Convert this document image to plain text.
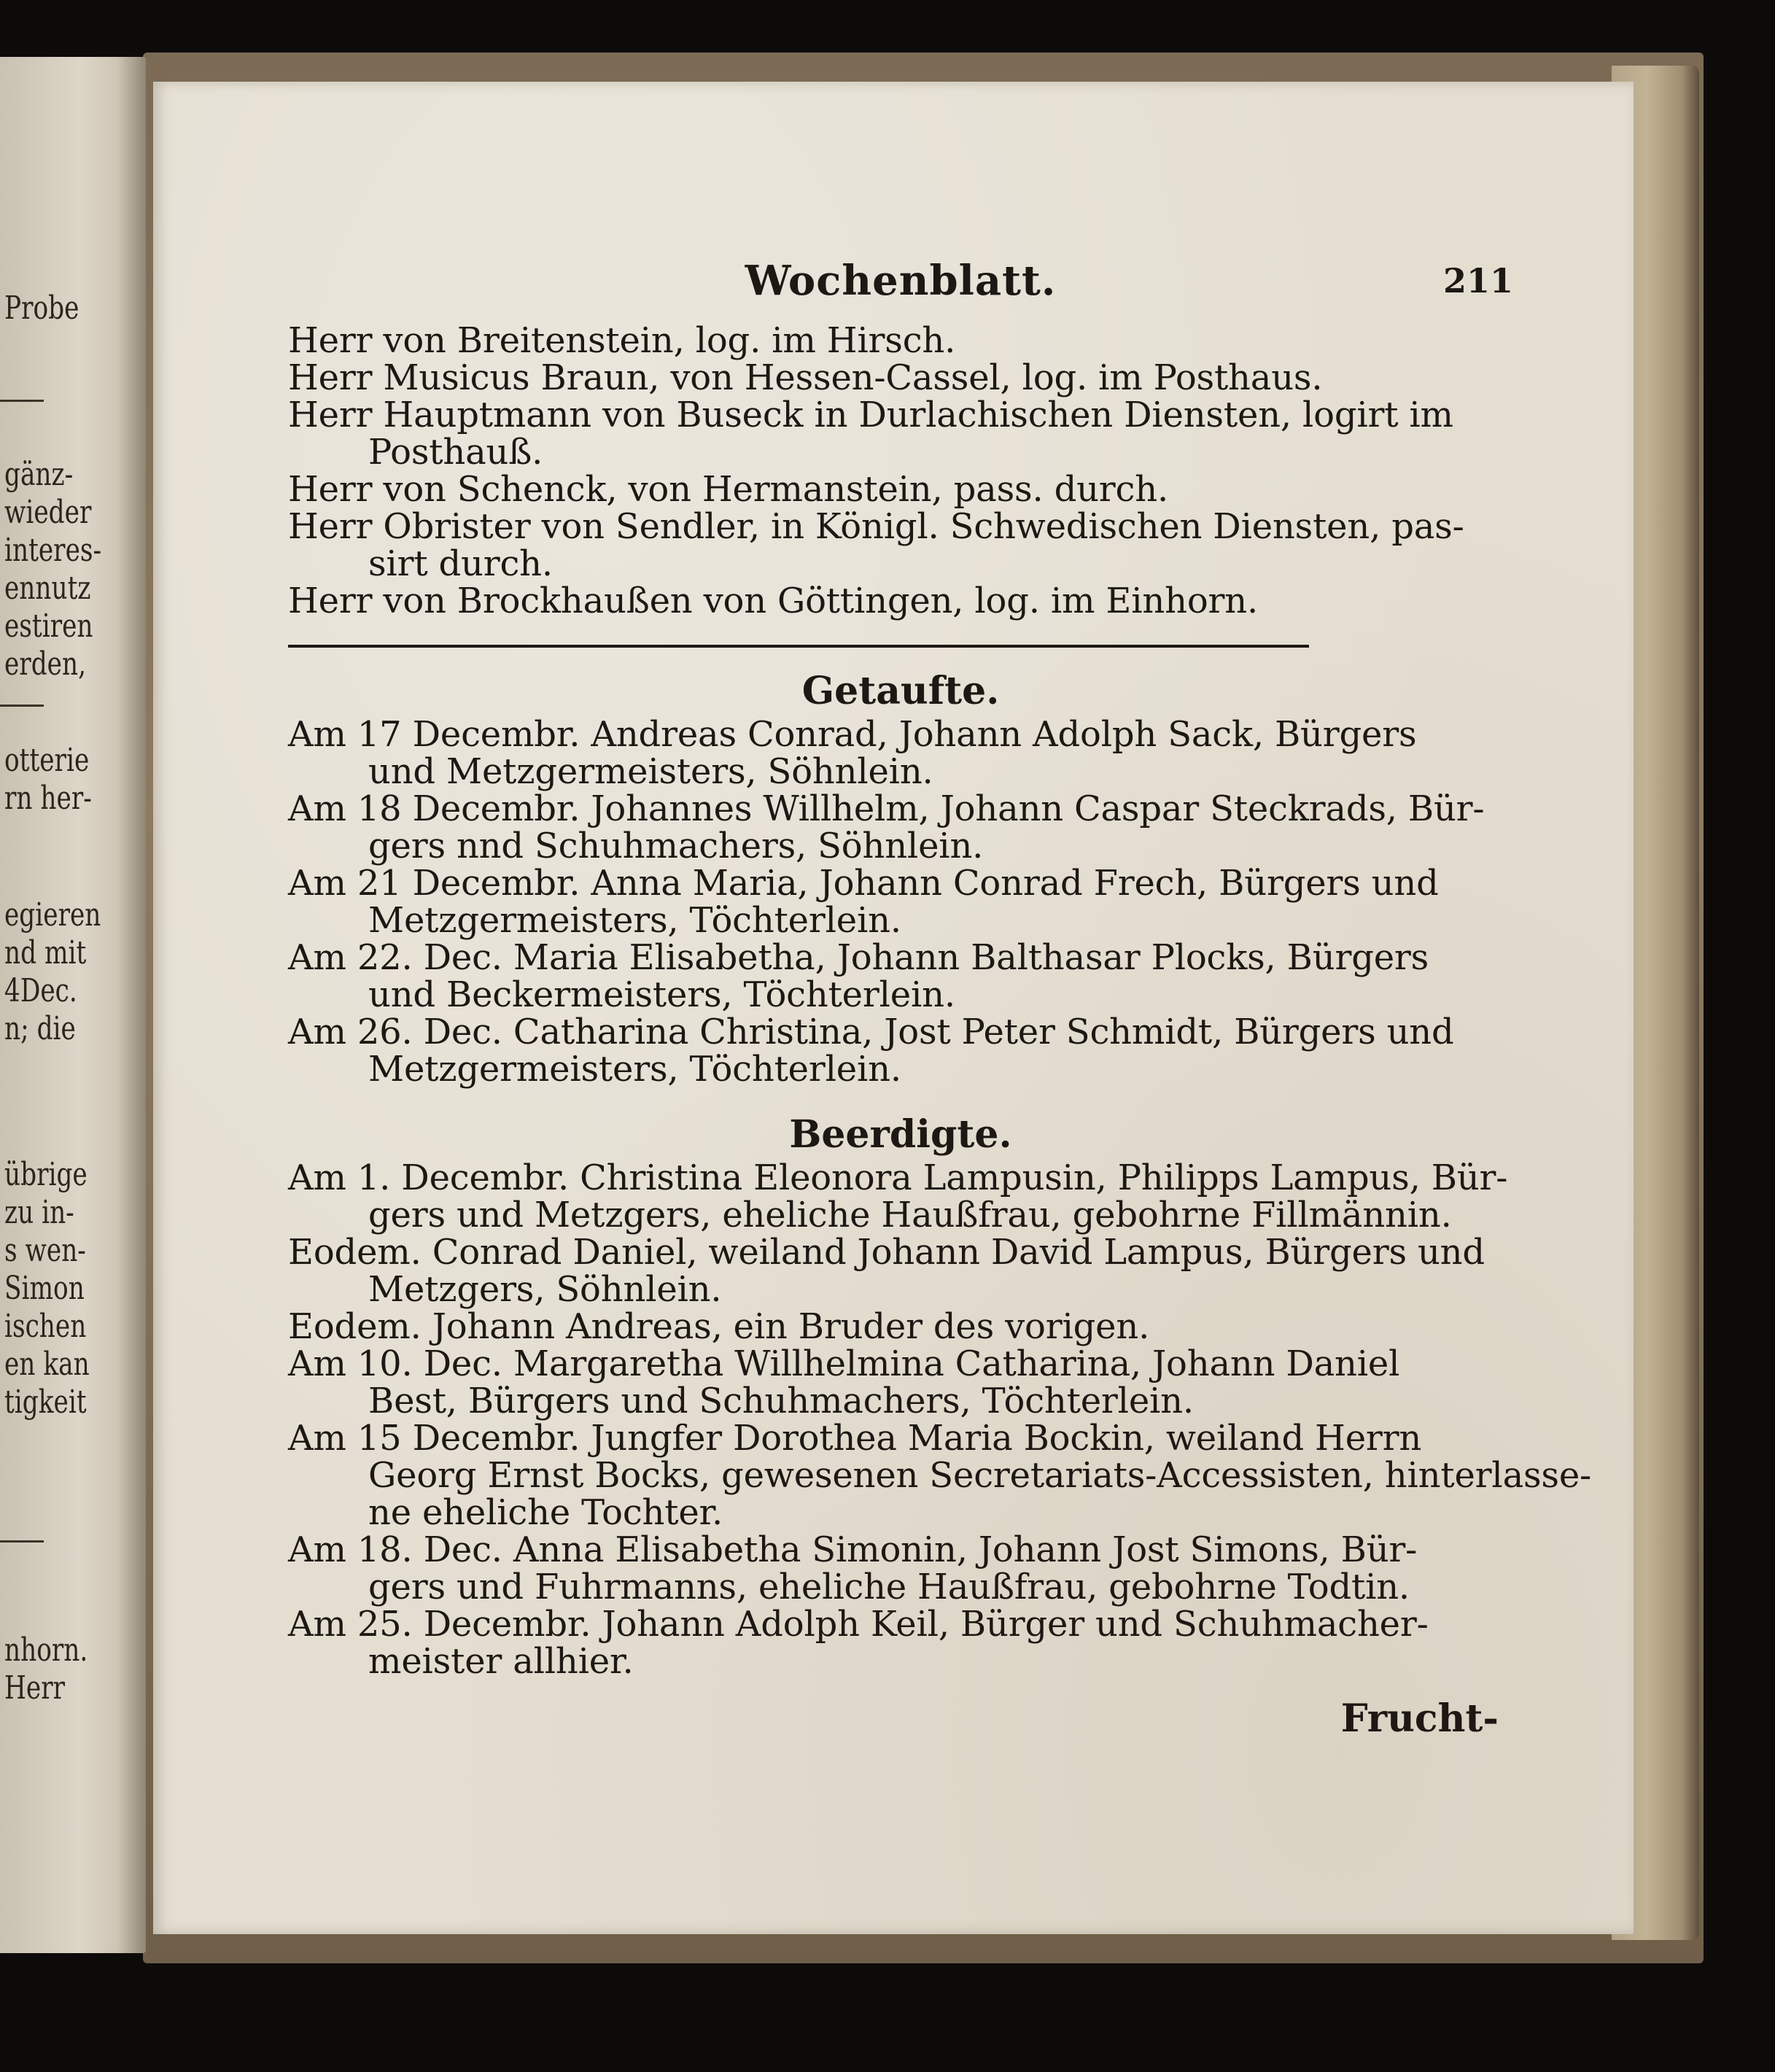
Probe
gänz-
wieder
interes-
ennutz
estiren
erden,
otterie
rn her-
egieren
nd mit
4Dec.
n; die
übrige
zu in-
s wen-
Simon
ischen
en kan
tigkeit
nhorn.
Herr
Wochenblatt.	211
Herr von Breitenstein, log. im Hirsch.
Herr Musicus Braun, von Hessen-Cassel, log. im Posthaus.
Herr Hauptmann von Buseck in Durlachischen Diensten, logirt im
Posthauß.
Herr von Schenck, von Hermanstein, pass. durch.
Herr Obrister von Sendler, in Königl. Schwedischen Diensten, pas-
sirt durch.
Herr von Brockhaußen von Göttingen, log. im Einhorn.
Getaufte.
Am 17 Decembr. Andreas Conrad, Johann Adolph Sack, Bürgers
und Metzgermeisters, Söhnlein.
Am 18 Decembr. Johannes Willhelm, Johann Caspar Steckrads, Bür-
gers nnd Schuhmachers, Söhnlein.
Am 21 Decembr. Anna Maria, Johann Conrad Frech, Bürgers und
Metzgermeisters, Töchterlein.
Am 22. Dec. Maria Elisabetha, Johann Balthasar Plocks, Bürgers
und Beckermeisters, Töchterlein.
Am 26. Dec. Catharina Christina, Jost Peter Schmidt, Bürgers und
Metzgermeisters, Töchterlein.
Beerdigte.
Am 1. Decembr. Christina Eleonora Lampusin, Philipps Lampus, Bür-
gers und Metzgers, eheliche Haußfrau, gebohrne Fillmännin.
Eodem. Conrad Daniel, weiland Johann David Lampus, Bürgers und
Metzgers, Söhnlein.
Eodem. Johann Andreas, ein Bruder des vorigen.
Am 10. Dec. Margaretha Willhelmina Catharina, Johann Daniel
Best, Bürgers und Schuhmachers, Töchterlein.
Am 15 Decembr. Jungfer Dorothea Maria Bockin, weiland Herrn
Georg Ernst Bocks, gewesenen Secretariats-Accessisten, hinterlasse-
ne eheliche Tochter.
Am 18. Dec. Anna Elisabetha Simonin, Johann Jost Simons, Bür-
gers und Fuhrmanns, eheliche Haußfrau, gebohrne Todtin.
Am 25. Decembr. Johann Adolph Keil, Bürger und Schuhmacher-
meister allhier.
Frucht-
